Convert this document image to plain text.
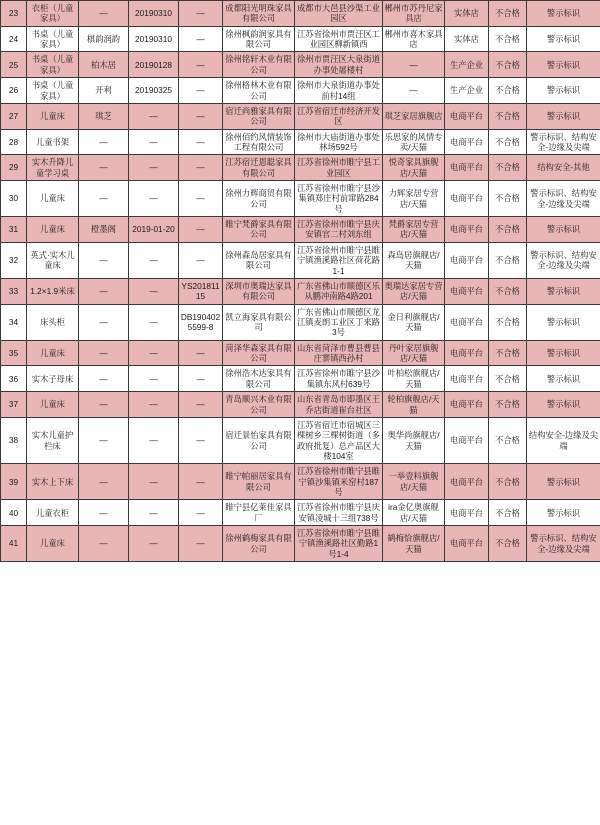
23	衣柜（儿童家具）	—	20190310	—	成都阳光明珠家具有限公司	成都市大邑县沙渠工业园区	郴州市苏丹尼家具店	实体店	不合格	警示标识
24	书桌（儿童家具）	棋韵润韵	20190310	—	徐州枫韵润家具有限公司	江苏省徐州市贾汪区工业园区柳新镇西	郴州市喜木家具店	实体店	不合格	警示标识
25	书桌（儿童家具）	柏木居	20190128	—	徐州铭轩木业有限公司	徐州市贾汪区大泉街道办事处屠楼村	—	生产企业	不合格	警示标识
26	书桌（儿童家具）	开利	20190325	—	徐州格林木业有限公司	徐州市大泉街道办事处前村14组	—	生产企业	不合格	警示标识
27	儿童床	琪芝	—	—	宿迁尚雅家具有限公司	江苏省宿迁市经济开发区	琪芝家居旗舰店	电商平台	不合格	警示标识
28	儿童书架	—	—	—	徐州佰约风情装饰工程有限公司	徐州市大庙街道办事处林场592号	乐思家的风情专卖/天猫	电商平台	不合格	警示标识、结构安全-边缘及尖端
29	实木升降儿童学习桌	—	—	—	江苏宿迁恩聪家具有限公司	江苏省徐州市睢宁县工业园区	悦奇家具旗舰店/天猫	电商平台	不合格	结构安全-其他
30	儿童床	—	—	—	徐州力辉商贸有限公司	江苏省徐州市睢宁县沙集镇郑庄村前窜路284号	力辉家居专营店/天猫	电商平台	不合格	警示标识、结构安全-边缘及尖端
31	儿童床	橙墨阁	2019-01-20	—	睢宁梵爵家具有限公司	江苏省徐州市睢宁县庆安镇官二村刘东组	梵爵家居专营店/天猫	电商平台	不合格	警示标识
32	英式·实木儿童床	—	—	—	徐州森岛居家具有限公司	江苏省徐州市睢宁县睢宁镇渔溪路社区荷花路1-1	森岛居旗舰店/天猫	电商平台	不合格	警示标识、结构安全-边缘及尖端
33	1.2×1.9米床	—	—	YS20181115	深圳市奥瑞达家具有限公司	广东省佛山市顺德区乐从鹏冲南路4路201	奥瑞达家居专营店/天猫	电商平台	不合格	警示标识
34	床头柜	—	—	DB1904025599-8	凯立海家具有限公司	广东省佛山市顺德区龙江镇麦朗工业区丁来路3号	金日利旗舰店/天猫	电商平台	不合格	警示标识
35	儿童床	—	—	—	菏泽华森家具有限公司	山东省菏泽市曹县曹县庄寨镇西孙村	丹叶家居旗舰店/天猫	电商平台	不合格	警示标识
36	实木子母床	—	—	—	徐州浩木达家具有限公司	江苏省徐州市睢宁县沙集镇东风村639号	叶柏松旗舰店/天猫	电商平台	不合格	警示标识
37	儿童床	—	—	—	青岛顺兴木业有限公司	山东省青岛市即墨区王乔店街道崔台社区	轮柏旗舰店/天猫	电商平台	不合格	警示标识
38	实木儿童护栏床	—	—	—	宿迁景怡家具有限公司	江苏省宿迁市宿城区三棵树乡三棵树街道（多政府批复）总产品区大楼104室	奥华尚旗舰店/天猫	电商平台	不合格	结构安全-边缘及尖端
39	实木上下床	—	—	—	睢宁帕丽居家具有限公司	江苏省徐州市睢宁县睢宁镇沙集镇米窑村187号	一举壹料旗舰店/天猫	电商平台	不合格	警示标识
40	儿童衣柜	—	—	—	睢宁县亿莱佳家具厂	江苏省徐州市睢宁县庆安镇凌城十三组738号	ira金亿奥旗舰店/天猫	电商平台	不合格	警示标识
41	儿童床	—	—	—	徐州鹤梅家具有限公司	江苏省徐州市睢宁县睢宁镇渔溪路社区勤路1号1-4	鹤梅恰旗舰店/天猫	电商平台	不合格	警示标识、结构安全-边缘及尖端
